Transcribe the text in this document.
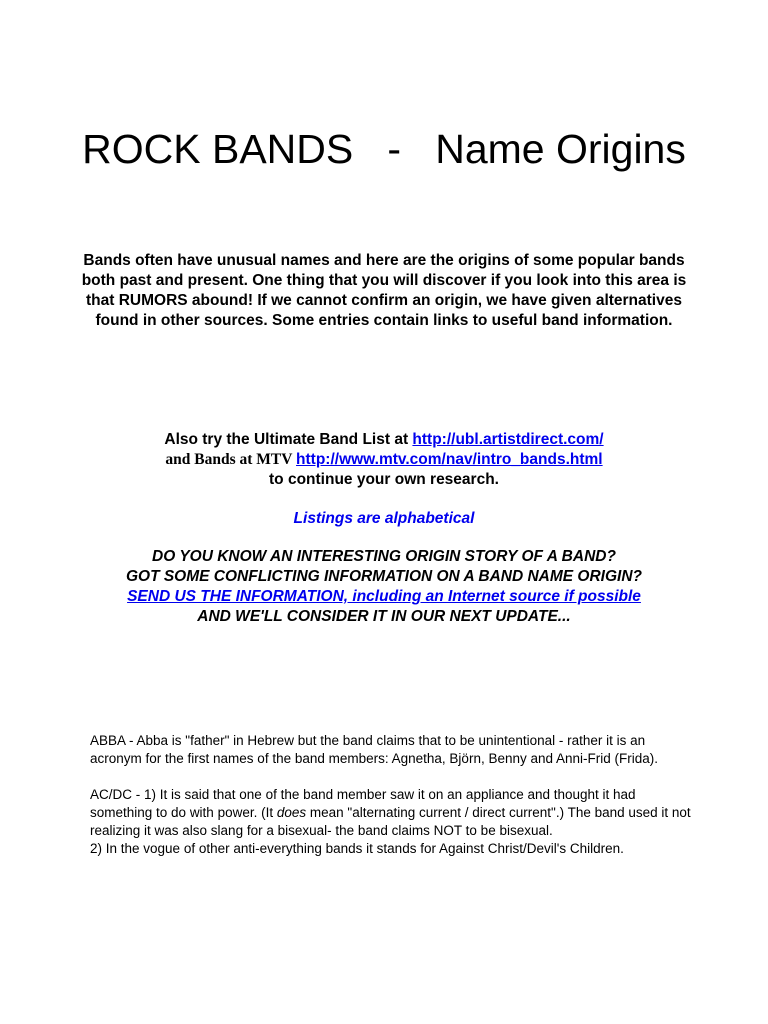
ROCK BANDS   -   Name Origins
Bands often have unusual names and here are the origins of some popular bands
both past and present. One thing that you will discover if you look into this area is
that RUMORS abound! If we cannot confirm an origin, we have given alternatives
found in other sources. Some entries contain links to useful band information.
Also try the Ultimate Band List at http://ubl.artistdirect.com/
and Bands at MTV http://www.mtv.com/nav/intro_bands.html
to continue your own research.

Listings are alphabetical

DO YOU KNOW AN INTERESTING ORIGIN STORY OF A BAND?
GOT SOME CONFLICTING INFORMATION ON A BAND NAME ORIGIN?
SEND US THE INFORMATION, including an Internet source if possible
AND WE'LL CONSIDER IT IN OUR NEXT UPDATE...

ABBA - Abba is "father" in Hebrew but the band claims that to be unintentional - rather it is an acronym for the first names of the band members: Agnetha, Björn, Benny and Anni-Frid (Frida).

AC/DC - 1) It is said that one of the band member saw it on an appliance and thought it had something to do with power. (It does mean "alternating current / direct current".) The band used it not realizing it was also slang for a bisexual- the band claims NOT to be bisexual.

2) In the vogue of other anti-everything bands it stands for Against Christ/Devil's Children.
